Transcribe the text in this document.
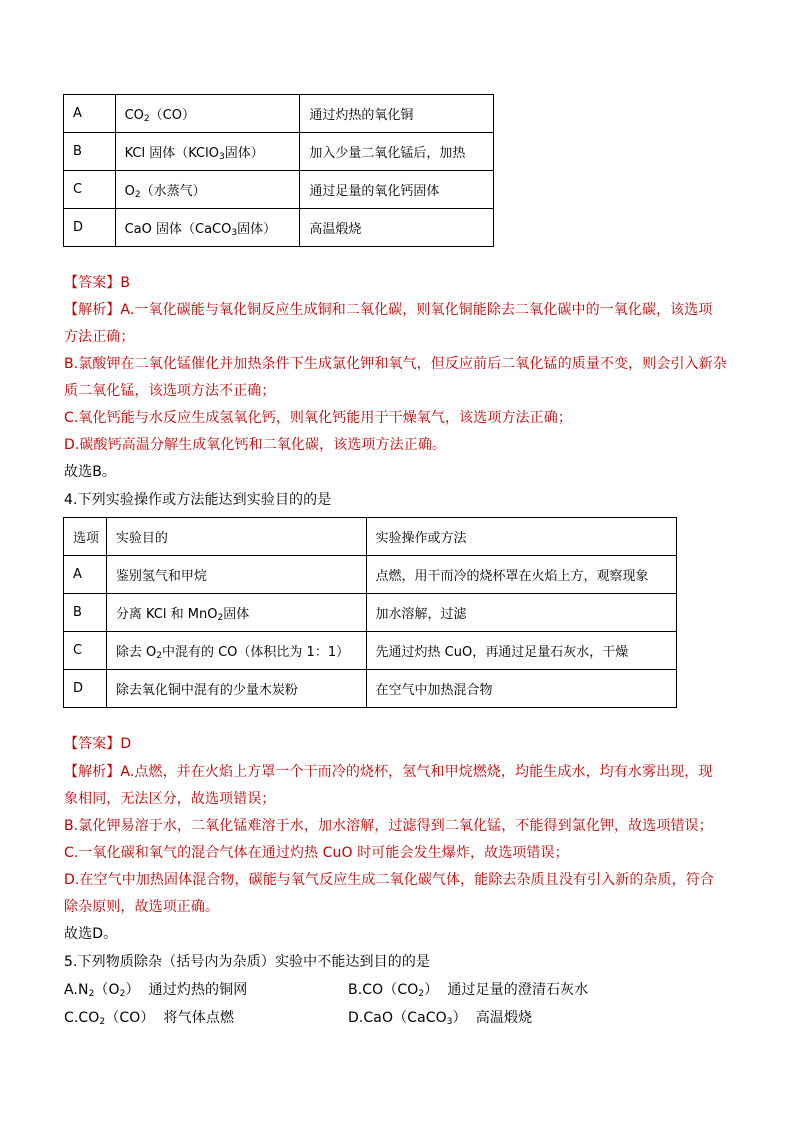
A	$CO_2(CO)$	通过灼热的氧化铜
B	KCl 固体（KClO$_3$固体）	加入少量二氧化锰后，加热
C	$O_2$（水蒸气）	通过足量的氧化钙固体
D	CaO 固体（CaCO$_3$固体）	高温煅烧
【答案】B
【解析】A.一氧化碳能与氧化铜反应生成铜和二氧化碳，则氧化铜能除去二氧化碳中的一氧化碳，该选项
方法正确；
B.氯酸钾在二氧化锰催化并加热条件下生成氯化钾和氧气，但反应前后二氧化锰的质量不变，则会引入新杂
质二氧化锰，该选项方法不正确；
C.氧化钙能与水反应生成氢氧化钙，则氧化钙能用于干燥氧气，该选项方法正确；
D.碳酸钙高温分解生成氧化钙和二氧化碳，该选项方法正确。
故选B。
4.下列实验操作或方法能达到实验目的的是
选项	实验目的	实验操作或方法
A	鉴别氢气和甲烷	点燃，用干而冷的烧杯罩在火焰上方，观察现象
B	分离 KCl 和 MnO$_2$固体	加水溶解，过滤
C	除去 $O_2$中混有的 CO（体积比为 1：1）	先通过灼热 CuO，再通过足量石灰水，干燥
D	除去氧化铜中混有的少量木炭粉	在空气中加热混合物
【答案】D
【解析】A.点燃，并在火焰上方罩一个干而冷的烧杯，氢气和甲烷燃烧，均能生成水，均有水雾出现，现
象相同，无法区分，故选项错误；
B.氯化钾易溶于水，二氧化锰难溶于水，加水溶解，过滤得到二氧化锰，不能得到氯化钾，故选项错误；
C.一氧化碳和氧气的混合气体在通过灼热 CuO 时可能会发生爆炸，故选项错误；
D.在空气中加热固体混合物，碳能与氧气反应生成二氧化碳气体，能除去杂质且没有引入新的杂质，符合
除杂原则，故选项正确。
故选D。
5.下列物质除杂（括号内为杂质）实验中不能达到目的的是
$A.N_2(O_2)$  通过灼热的铜网	$B.CO(CO_2)$  通过足量的澄清石灰水
$C.CO_2(CO)$  将气体点燃	D.CaO（CaCO$_3$）  高温煅烧
